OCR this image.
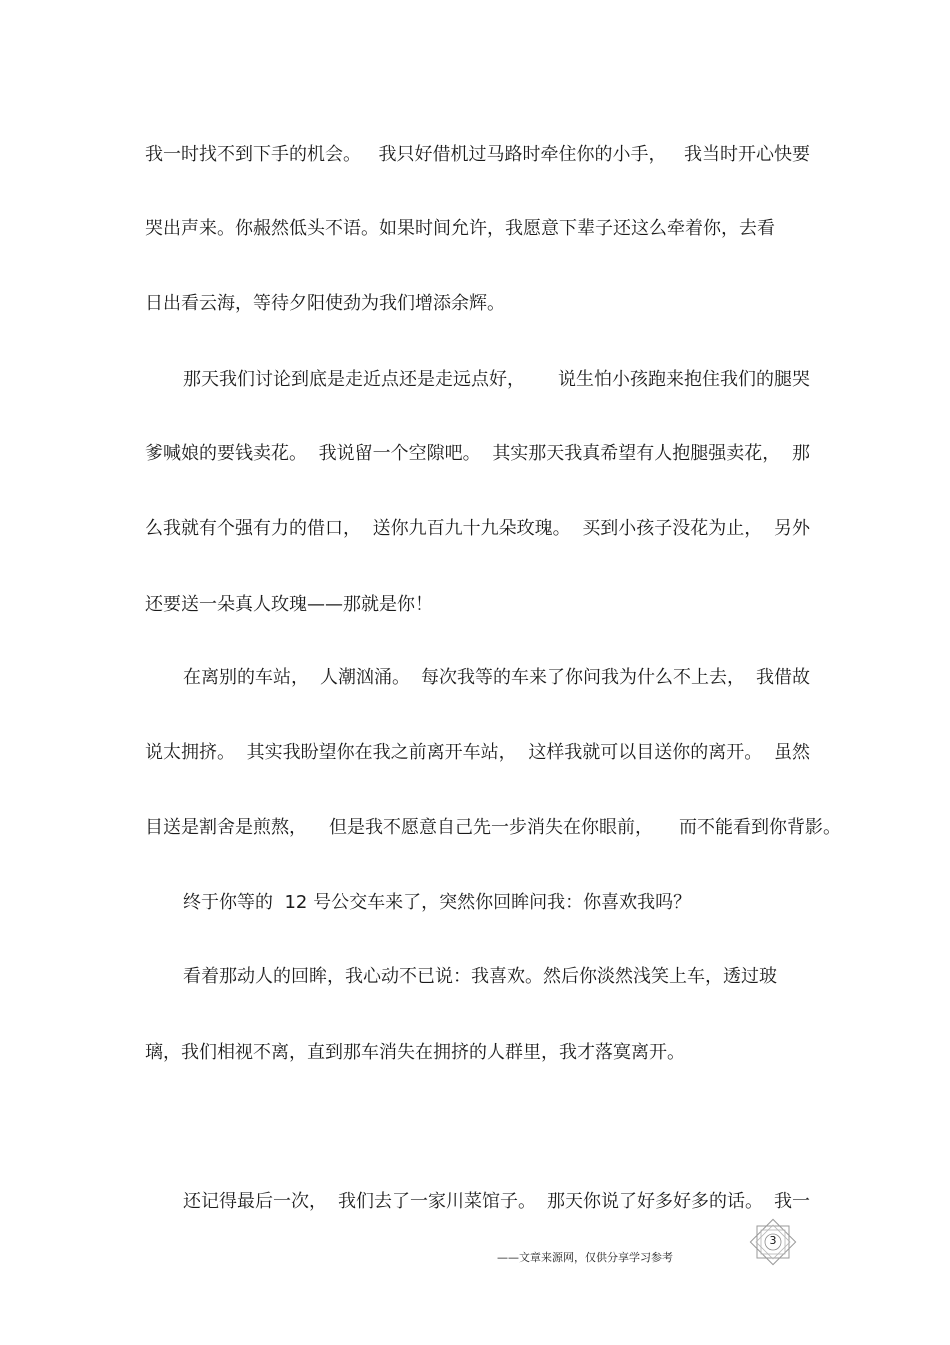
我一时找不到下手的机会。 我只好借机过马路时牵住你的小手， 我当时开心快要
哭出声来。你赧然低头不语。如果时间允许，我愿意下辈子还这么牵着你，去看
日出看云海，等待夕阳使劲为我们增添余辉。
那天我们讨论到底是走近点还是走远点好， 说生怕小孩跑来抱住我们的腿哭
爹喊娘的要钱卖花。 我说留一个空隙吧。 其实那天我真希望有人抱腿强卖花， 那
么我就有个强有力的借口， 送你九百九十九朵玫瑰。 买到小孩子没花为止， 另外
还要送一朵真人玫瑰——那就是你！
在离别的车站， 人潮汹涌。 每次我等的车来了你问我为什么不上去， 我借故
说太拥挤。 其实我盼望你在我之前离开车站， 这样我就可以目送你的离开。 虽然
目送是割舍是煎熬， 但是我不愿意自己先一步消失在你眼前， 而不能看到你背影。
终于你等的  12 号公交车来了，突然你回眸问我：你喜欢我吗？
看着那动人的回眸，我心动不已说：我喜欢。然后你淡然浅笑上车，透过玻
璃，我们相视不离，直到那车消失在拥挤的人群里，我才落寞离开。
还记得最后一次， 我们去了一家川菜馆子。 那天你说了好多好多的话。 我一
3
——文章来源网，仅供分享学习参考
